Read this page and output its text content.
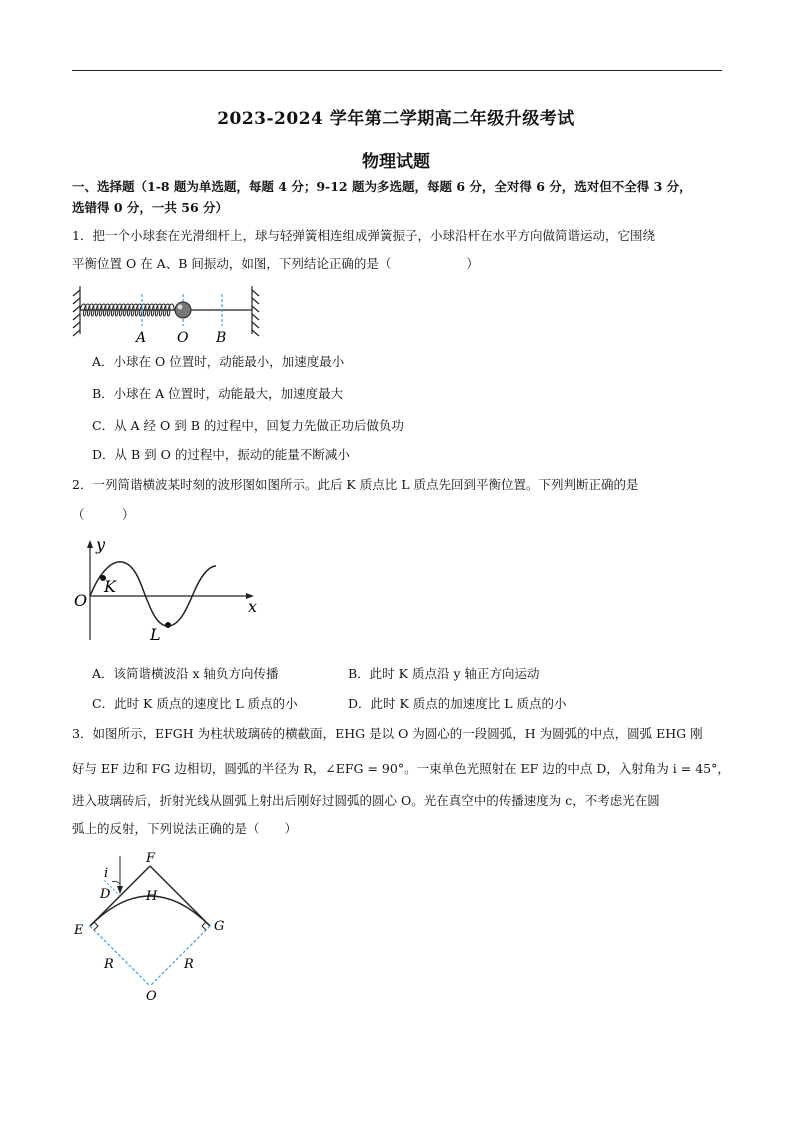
2023-2024 学年第二学期高二年级升级考试
物理试题
一、选择题（1-8 题为单选题，每题 4 分；9-12 题为多选题，每题 6 分，全对得 6 分，选对但不全得 3 分，
选错得 0 分，一共 56 分）
1．把一个小球套在光滑细杆上，球与轻弹簧相连组成弹簧振子，小球沿杆在水平方向做简谐运动，它围绕
平衡位置 O 在 A、B 间振动，如图，下列结论正确的是（　　　　　　）
A O B
A．小球在 O 位置时，动能最小，加速度最小
B．小球在 A 位置时，动能最大，加速度最大
C．从 A 经 O 到 B 的过程中，回复力先做正功后做负功
D．从 B 到 O 的过程中，振动的能量不断减小
2．一列简谐横波某时刻的波形图如图所示。此后 K 质点比 L 质点先回到平衡位置。下列判断正确的是
（　　　）
y
x
O
K
L
A．该简谐横波沿 x 轴负方向传播	B．此时 K 质点沿 y 轴正方向运动
C．此时 K 质点的速度比 L 质点的小	D．此时 K 质点的加速度比 L 质点的小
3．如图所示，EFGH 为柱状玻璃砖的横截面，EHG 是以 O 为圆心的一段圆弧，H 为圆弧的中点，圆弧 EHG 刚
好与 EF 边和 FG 边相切，圆弧的半径为 R，∠EFG = 90°。一束单色光照射在 EF 边的中点 D，入射角为 i = 45°，
进入玻璃砖后，折射光线从圆弧上射出后刚好过圆弧的圆心 O。光在真空中的传播速度为 c，不考虑光在圆
弧上的反射，下列说法正确的是（　　）
F
i
D	H
E	G
R	R
O
